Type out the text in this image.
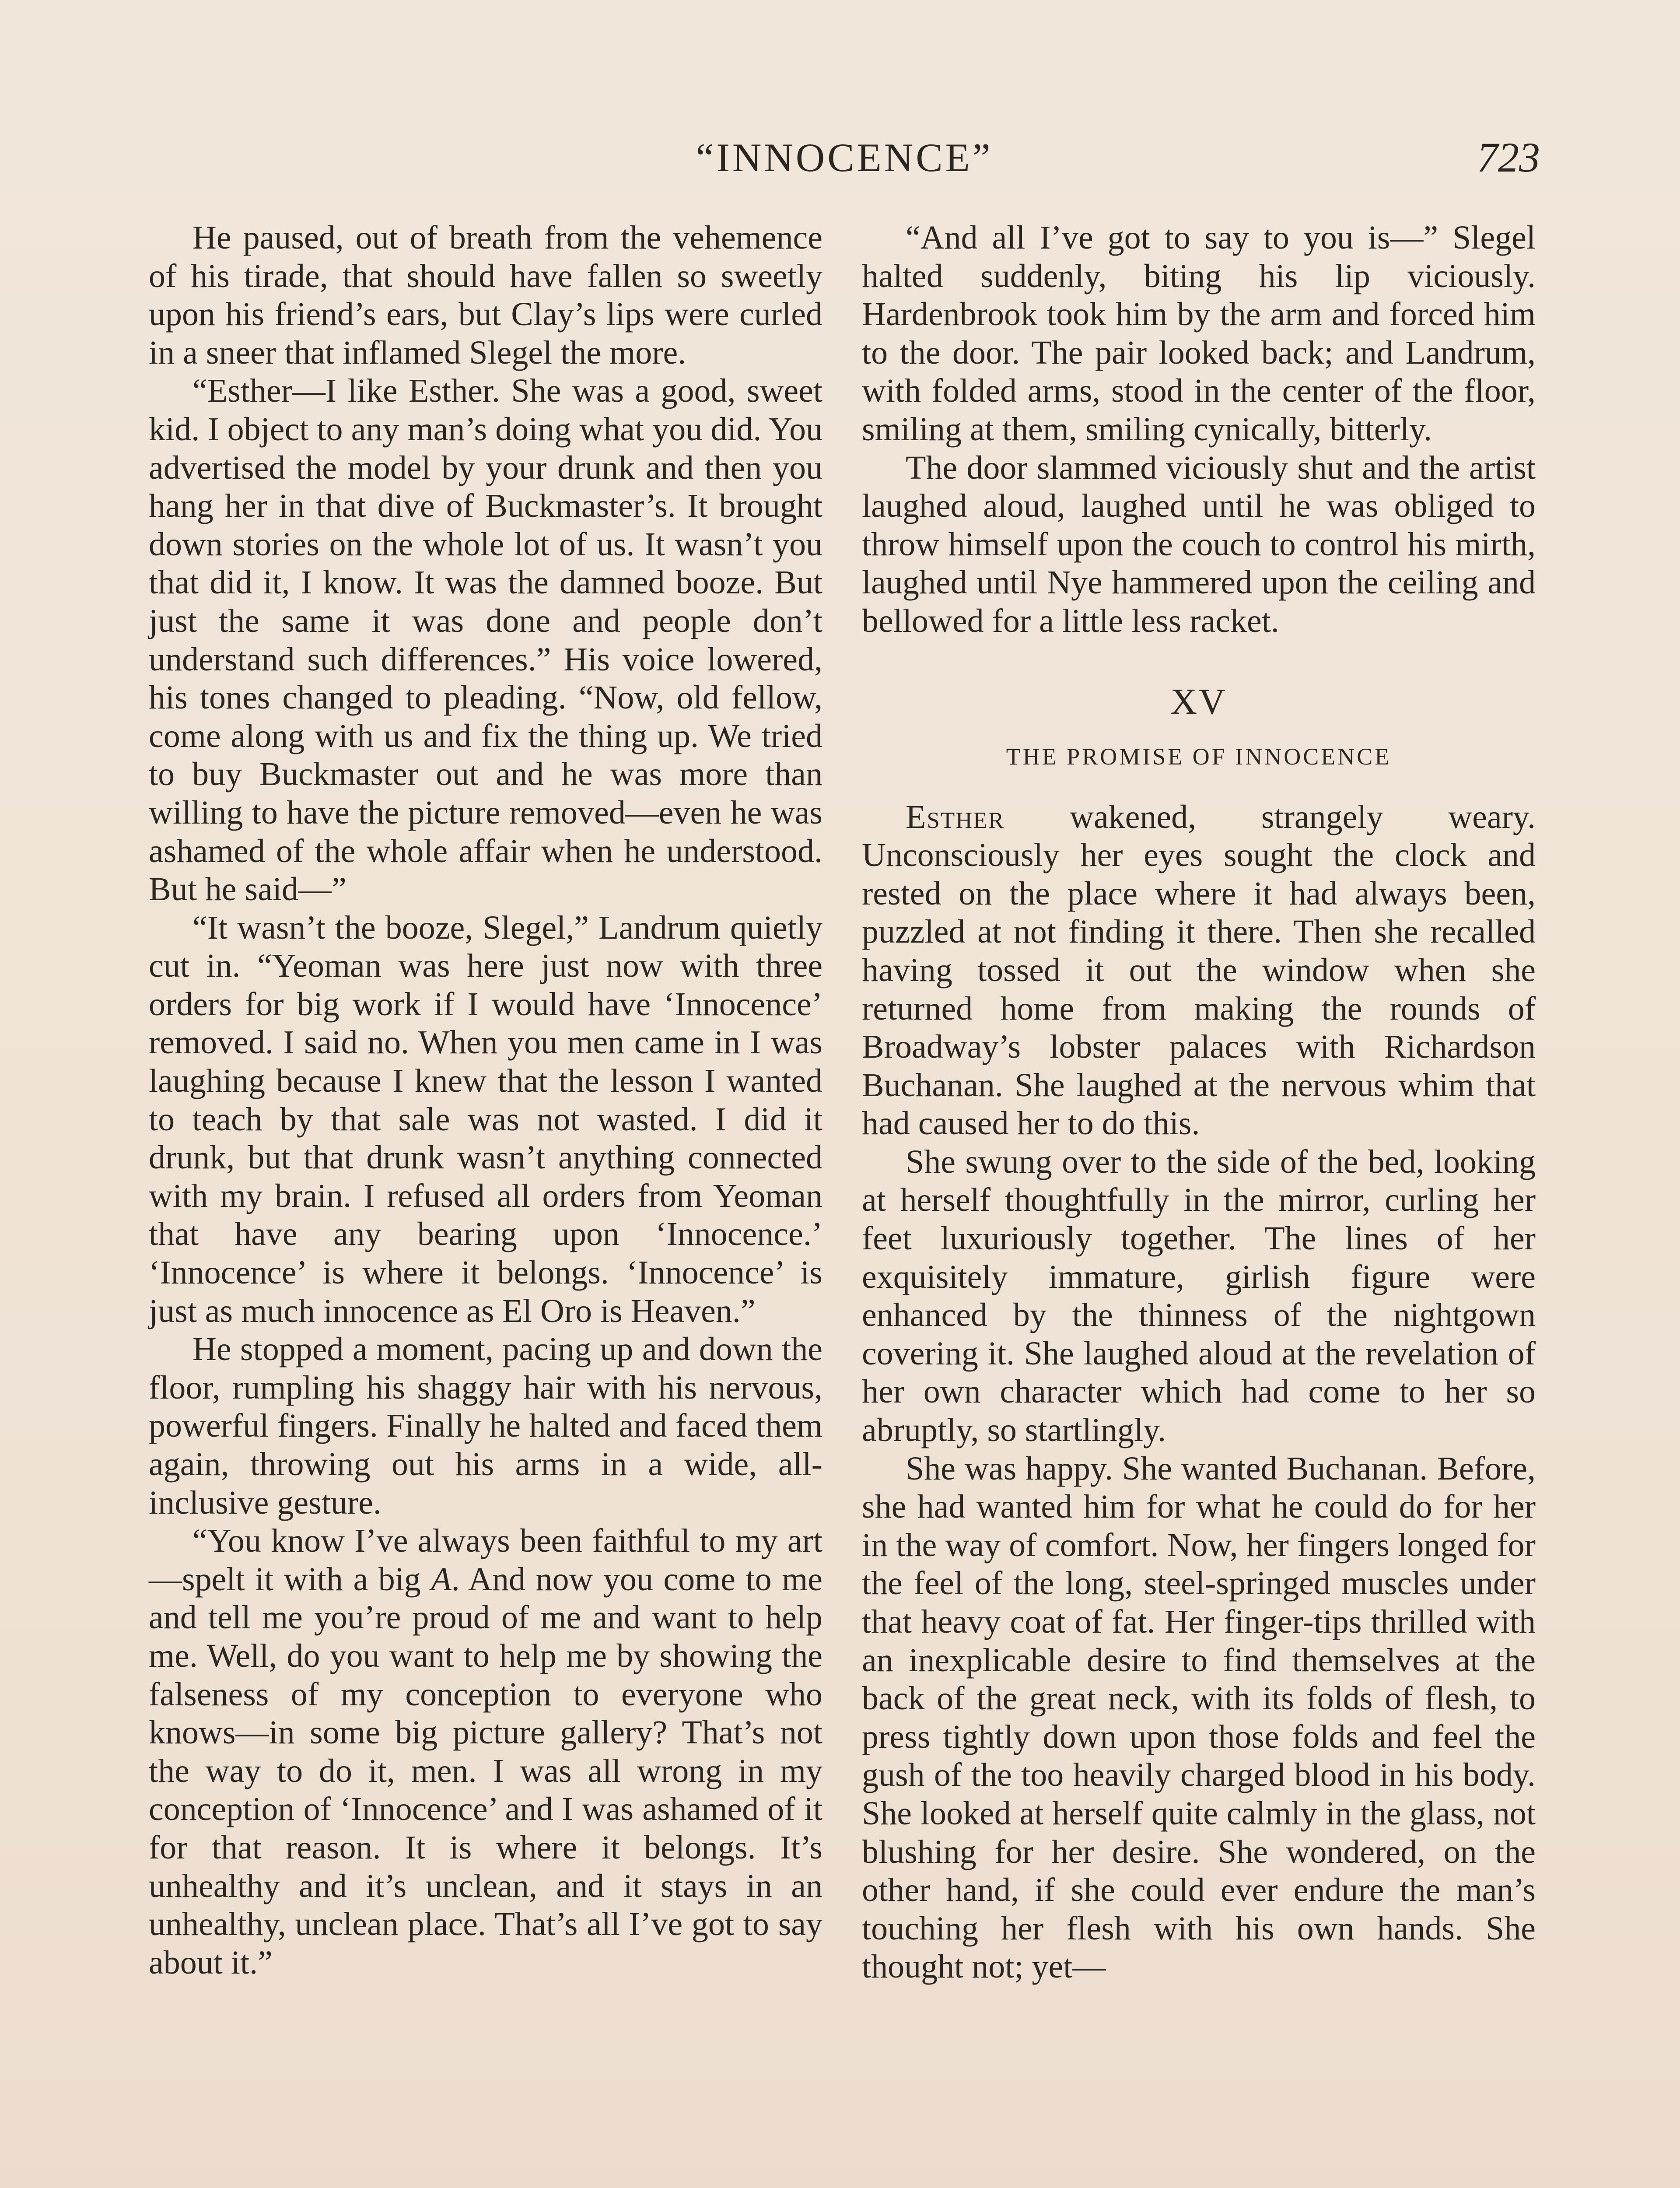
“INNOCENCE”	723

He paused, out of breath from the vehemence of his tirade, that should have fallen so sweetly upon his friend’s ears, but Clay’s lips were curled in a sneer that inflamed Slegel the more.

“Esther—I like Esther. She was a good, sweet kid. I object to any man’s doing what you did. You advertised the model by your drunk and then you hang her in that dive of Buckmaster’s. It brought down stories on the whole lot of us. It wasn’t you that did it, I know. It was the damned booze. But just the same it was done and people don’t understand such differences.” His voice lowered, his tones changed to pleading. “Now, old fellow, come along with us and fix the thing up. We tried to buy Buckmaster out and he was more than willing to have the picture removed—even he was ashamed of the whole affair when he understood. But he said—”

“It wasn’t the booze, Slegel,” Landrum quietly cut in. “Yeoman was here just now with three orders for big work if I would have ‘Innocence’ removed. I said no. When you men came in I was laughing because I knew that the lesson I wanted to teach by that sale was not wasted. I did it drunk, but that drunk wasn’t anything connected with my brain. I refused all orders from Yeoman that have any bearing upon ‘Innocence.’ ‘Innocence’ is where it belongs. ‘Innocence’ is just as much innocence as El Oro is Heaven.”

He stopped a moment, pacing up and down the floor, rumpling his shaggy hair with his nervous, powerful fingers. Finally he halted and faced them again, throwing out his arms in a wide, all-inclusive gesture.

“You know I’ve always been faithful to my art—spelt it with a big A. And now you come to me and tell me you’re proud of me and want to help me. Well, do you want to help me by showing the falseness of my conception to everyone who knows—in some big picture gallery? That’s not the way to do it, men. I was all wrong in my conception of ‘Innocence’ and I was ashamed of it for that reason. It is where it belongs. It’s unhealthy and it’s unclean, and it stays in an unhealthy, unclean place. That’s all I’ve got to say about it.”

“And all I’ve got to say to you is—” Slegel halted suddenly, biting his lip viciously. Hardenbrook took him by the arm and forced him to the door. The pair looked back; and Landrum, with folded arms, stood in the center of the floor, smiling at them, smiling cynically, bitterly.

The door slammed viciously shut and the artist laughed aloud, laughed until he was obliged to throw himself upon the couch to control his mirth, laughed until Nye hammered upon the ceiling and bellowed for a little less racket.

XV
THE PROMISE OF INNOCENCE

Esther wakened, strangely weary. Unconsciously her eyes sought the clock and rested on the place where it had always been, puzzled at not finding it there. Then she recalled having tossed it out the window when she returned home from making the rounds of Broadway’s lobster palaces with Richardson Buchanan. She laughed at the nervous whim that had caused her to do this.

She swung over to the side of the bed, looking at herself thoughtfully in the mirror, curling her feet luxuriously together. The lines of her exquisitely immature, girlish figure were enhanced by the thinness of the nightgown covering it. She laughed aloud at the revelation of her own character which had come to her so abruptly, so startlingly.

She was happy. She wanted Buchanan. Before, she had wanted him for what he could do for her in the way of comfort. Now, her fingers longed for the feel of the long, steel-springed muscles under that heavy coat of fat. Her finger-tips thrilled with an inexplicable desire to find themselves at the back of the great neck, with its folds of flesh, to press tightly down upon those folds and feel the gush of the too heavily charged blood in his body. She looked at herself quite calmly in the glass, not blushing for her desire. She wondered, on the other hand, if she could ever endure the man’s touching her flesh with his own hands. She thought not; yet—
